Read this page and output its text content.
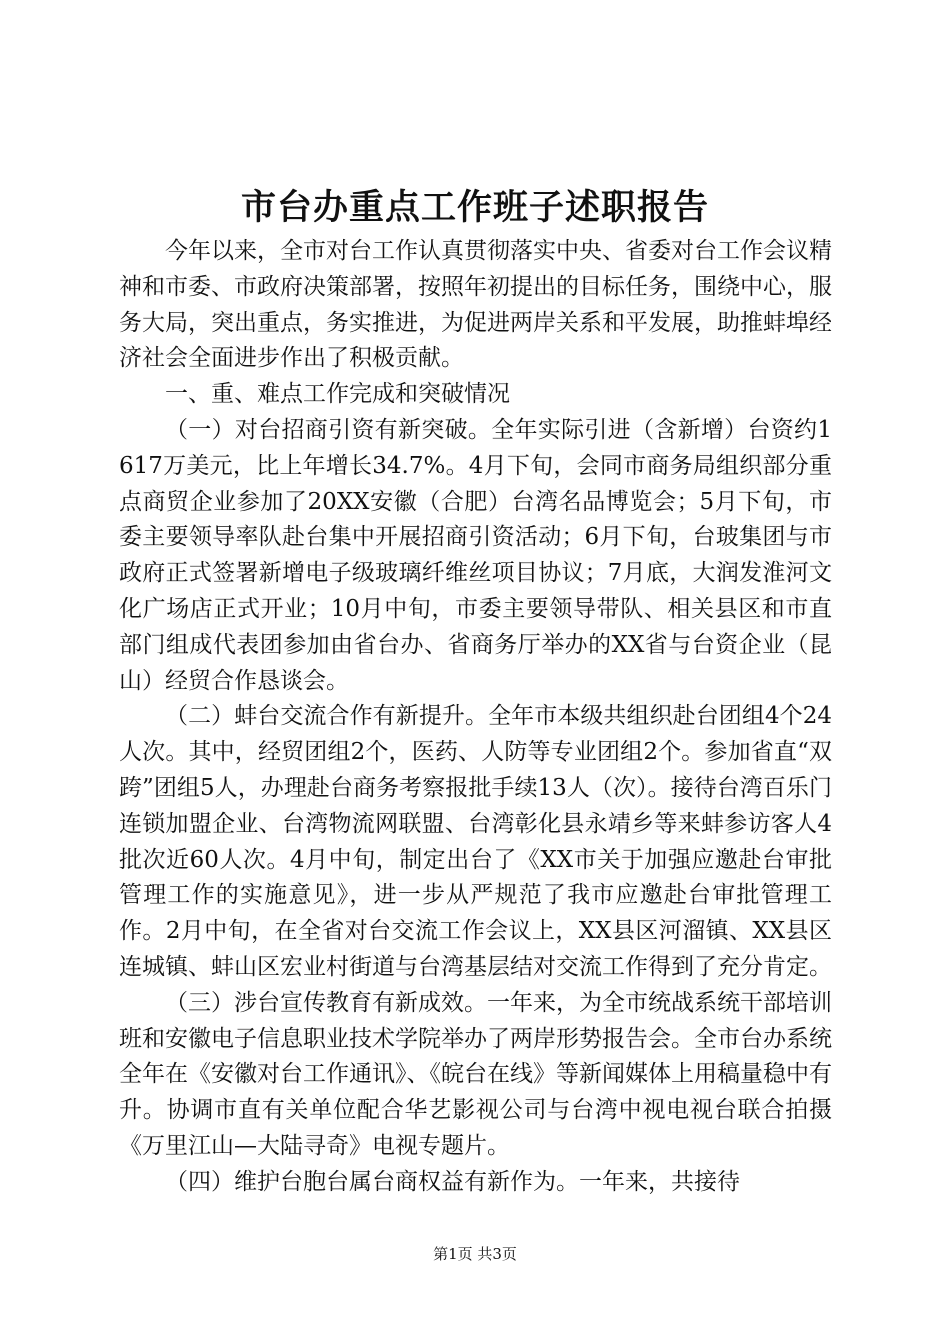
市台办重点工作班子述职报告

今年以来，全市对台工作认真贯彻落实中央、省委对台工作会议精神和市委、市政府决策部署，按照年初提出的目标任务，围绕中心，服务大局，突出重点，务实推进，为促进两岸关系和平发展，助推蚌埠经济社会全面进步作出了积极贡献。

一、重、难点工作完成和突破情况

（一）对台招商引资有新突破。全年实际引进（含新增）台资约1617万美元，比上年增长34.7%。4月下旬，会同市商务局组织部分重点商贸企业参加了20XX安徽（合肥）台湾名品博览会；5月下旬，市委主要领导率队赴台集中开展招商引资活动；6月下旬，台玻集团与市政府正式签署新增电子级玻璃纤维丝项目协议；7月底，大润发淮河文化广场店正式开业；10月中旬，市委主要领导带队、相关县区和市直部门组成代表团参加由省台办、省商务厅举办的XX省与台资企业（昆山）经贸合作恳谈会。

（二）蚌台交流合作有新提升。全年市本级共组织赴台团组4个24人次。其中，经贸团组2个，医药、人防等专业团组2个。参加省直“双跨”团组5人，办理赴台商务考察报批手续13人（次）。接待台湾百乐门连锁加盟企业、台湾物流网联盟、台湾彰化县永靖乡等来蚌参访客人4批次近60人次。4月中旬，制定出台了《XX市关于加强应邀赴台审批管理工作的实施意见》，进一步从严规范了我市应邀赴台审批管理工作。2月中旬，在全省对台交流工作会议上，XX县区河溜镇、XX县区连城镇、蚌山区宏业村街道与台湾基层结对交流工作得到了充分肯定。

（三）涉台宣传教育有新成效。一年来，为全市统战系统干部培训班和安徽电子信息职业技术学院举办了两岸形势报告会。全市台办系统全年在《安徽对台工作通讯》、《皖台在线》等新闻媒体上用稿量稳中有升。协调市直有关单位配合华艺影视公司与台湾中视电视台联合拍摄《万里江山—大陆寻奇》电视专题片。

（四）维护台胞台属台商权益有新作为。一年来，共接待

第1页 共3页
